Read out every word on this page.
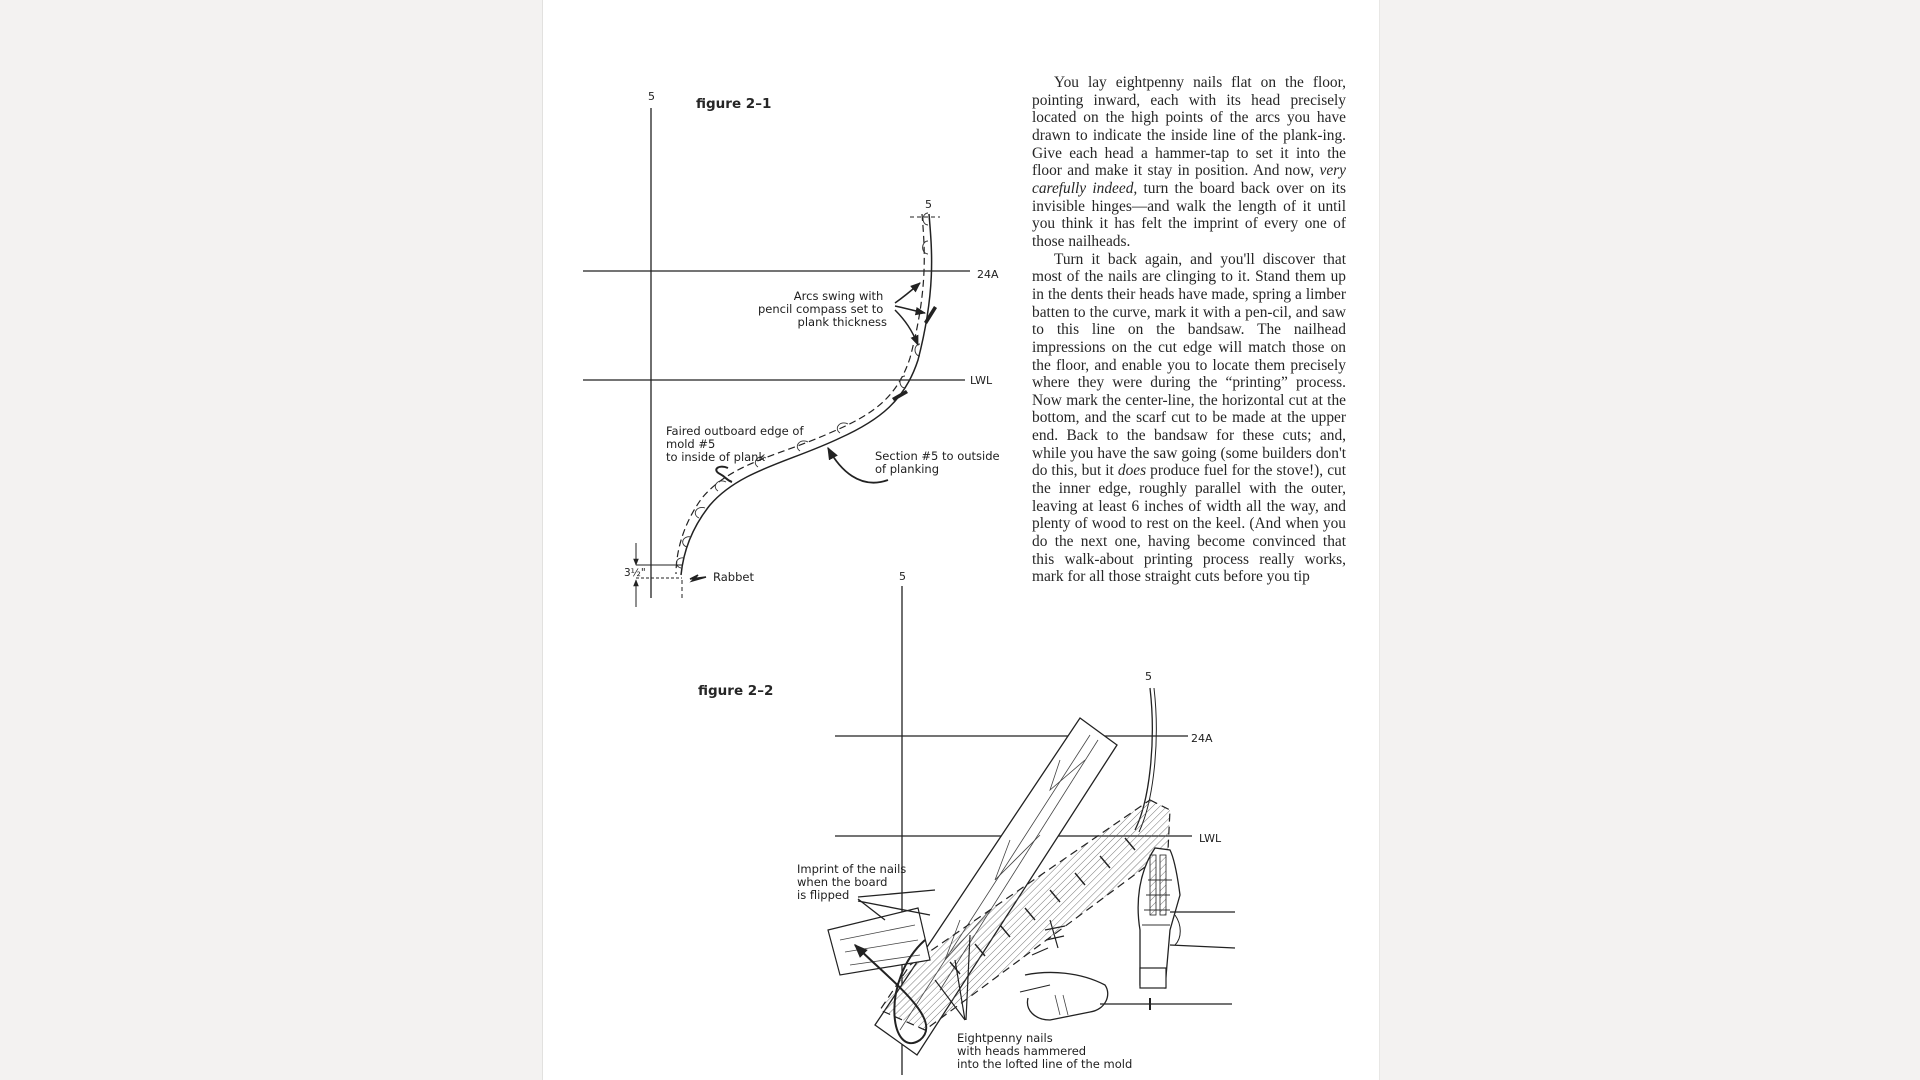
You lay eightpenny nails flat on the floor, pointing inward, each with its head precisely located on the high points of the arcs you have drawn to indicate the inside line of the plank-ing. Give each head a hammer-tap to set it into the floor and make it stay in position. And now, very carefully indeed, turn the board back over on its invisible hinges—and walk the length of it until you think it has felt the imprint of every one of those nailheads.

Turn it back again, and you'll discover that most of the nails are clinging to it. Stand them up in the dents their heads have made, spring a limber batten to the curve, mark it with a pen-cil, and saw to this line on the bandsaw. The nailhead impressions on the cut edge will match those on the floor, and enable you to locate them precisely where they were during the “printing” process. Now mark the center-line, the horizontal cut at the bottom, and the scarf cut to be made at the upper end. Back to the bandsaw for these cuts; and, while you have the saw going (some builders don't do this, but it does produce fuel for the stove!), cut the inner edge, roughly parallel with the outer, leaving at least 6 inches of width all the way, and plenty of wood to rest on the keel. (And when you do the next one, having become convinced that this walk-about printing process really works, mark for all those straight cuts before you tip

figure 2–1
5
24A
LWL
5
Arcs swing with pencil compass set to plank thickness
Faired outboard edge of mold #5 to inside of plank	Section #5 to outside of planking
3½"	Rabbet
figure 2–2
5
24A
LWL
5
Imprint of the nails when the board is flipped
Eightpenny nails with heads hammered into the lofted line of the mold
